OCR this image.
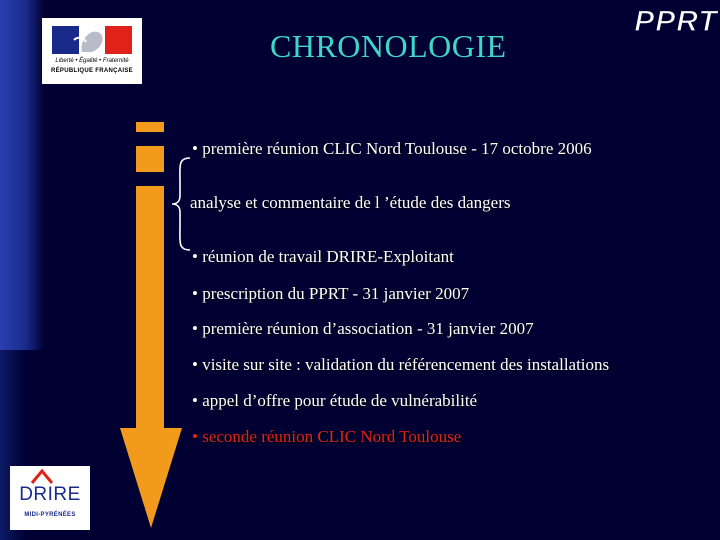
Liberté • Égalité • Fraternité
RÉPUBLIQUE FRANÇAISE
CHRONOLOGIE
PPRT
• première réunion CLIC Nord Toulouse - 17 octobre 2006
analyse et commentaire de l ’étude des dangers
• réunion de travail DRIRE-Exploitant
• prescription du PPRT - 31 janvier 2007
• première réunion d’association - 31 janvier 2007
• visite sur site : validation du référencement des installations
• appel d’offre pour étude de vulnérabilité
• seconde réunion CLIC Nord Toulouse
DRIRE
MIDI-PYRÉNÉES
